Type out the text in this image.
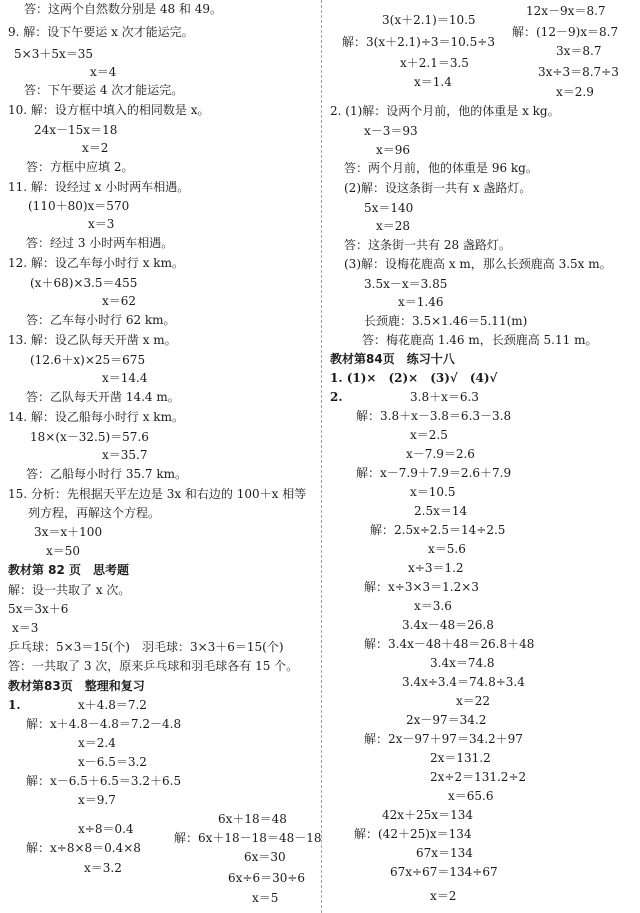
答：这两个自然数分别是 48 和 49。
9. 解：设下午要运 x 次才能运完。
5×3＋5x＝35
x＝4
答：下午要运 4 次才能运完。
10. 解：设方框中填入的相同数是 x。
24x－15x＝18
x＝2
答：方框中应填 2。
11. 解：设经过 x 小时两车相遇。
(110＋80)x＝570
x＝3
答：经过 3 小时两车相遇。
12. 解：设乙车每小时行 x km。
(x＋68)×3.5＝455
x＝62
答：乙车每小时行 62 km。
13. 解：设乙队每天开凿 x m。
(12.6＋x)×25＝675
x＝14.4
答：乙队每天开凿 14.4 m。
14. 解：设乙船每小时行 x km。
18×(x－32.5)＝57.6
x＝35.7
答：乙船每小时行 35.7 km。
15. 分析：先根据天平左边是 3x 和右边的 100＋x 相等
列方程，再解这个方程。
3x＝x＋100
x＝50
教材第 82 页　思考题
解：设一共取了 x 次。
5x＝3x＋6
x＝3
乒乓球：5×3＝15(个)　羽毛球：3×3＋6＝15(个)
答：一共取了 3 次，原来乒乓球和羽毛球各有 15 个。
教材第83页　整理和复习
1.	x＋4.8＝7.2
解：x＋4.8－4.8＝7.2－4.8
x＝2.4
x－6.5＝3.2
解：x－6.5＋6.5＝3.2＋6.5
x＝9.7
6x＋18＝48
x÷8＝0.4
解：6x＋18－18＝48－18
解：x÷8×8＝0.4×8
6x＝30
x＝3.2
6x÷6＝30÷6
x＝5
3(x＋2.1)＝10.5
12x－9x＝8.7
解：3(x＋2.1)÷3＝10.5÷3
解：(12－9)x＝8.7
x＋2.1＝3.5
3x＝8.7
x＝1.4
3x÷3＝8.7÷3
x＝2.9
2. (1)解：设两个月前，他的体重是 x kg。
x－3＝93
x＝96
答：两个月前，他的体重是 96 kg。
(2)解：设这条街一共有 x 盏路灯。
5x＝140
x＝28
答：这条街一共有 28 盏路灯。
(3)解：设梅花鹿高 x m，那么长颈鹿高 3.5x m。
3.5x－x＝3.85
x＝1.46
长颈鹿：3.5×1.46＝5.11(m)
答：梅花鹿高 1.46 m，长颈鹿高 5.11 m。
教材第84页　练习十八
1. (1)×　(2)×　(3)√　(4)√
2.	3.8＋x＝6.3
解：3.8＋x－3.8＝6.3－3.8
x＝2.5
x－7.9＝2.6
解：x－7.9＋7.9＝2.6＋7.9
x＝10.5
2.5x＝14
解：2.5x÷2.5＝14÷2.5
x＝5.6
x÷3＝1.2
解：x÷3×3＝1.2×3
x＝3.6
3.4x－48＝26.8
解：3.4x－48＋48＝26.8＋48
3.4x＝74.8
3.4x÷3.4＝74.8÷3.4
x＝22
2x－97＝34.2
解：2x－97＋97＝34.2＋97
2x＝131.2
2x÷2＝131.2÷2
x＝65.6
42x＋25x＝134
解：(42＋25)x＝134
67x＝134
67x÷67＝134÷67
x＝2
